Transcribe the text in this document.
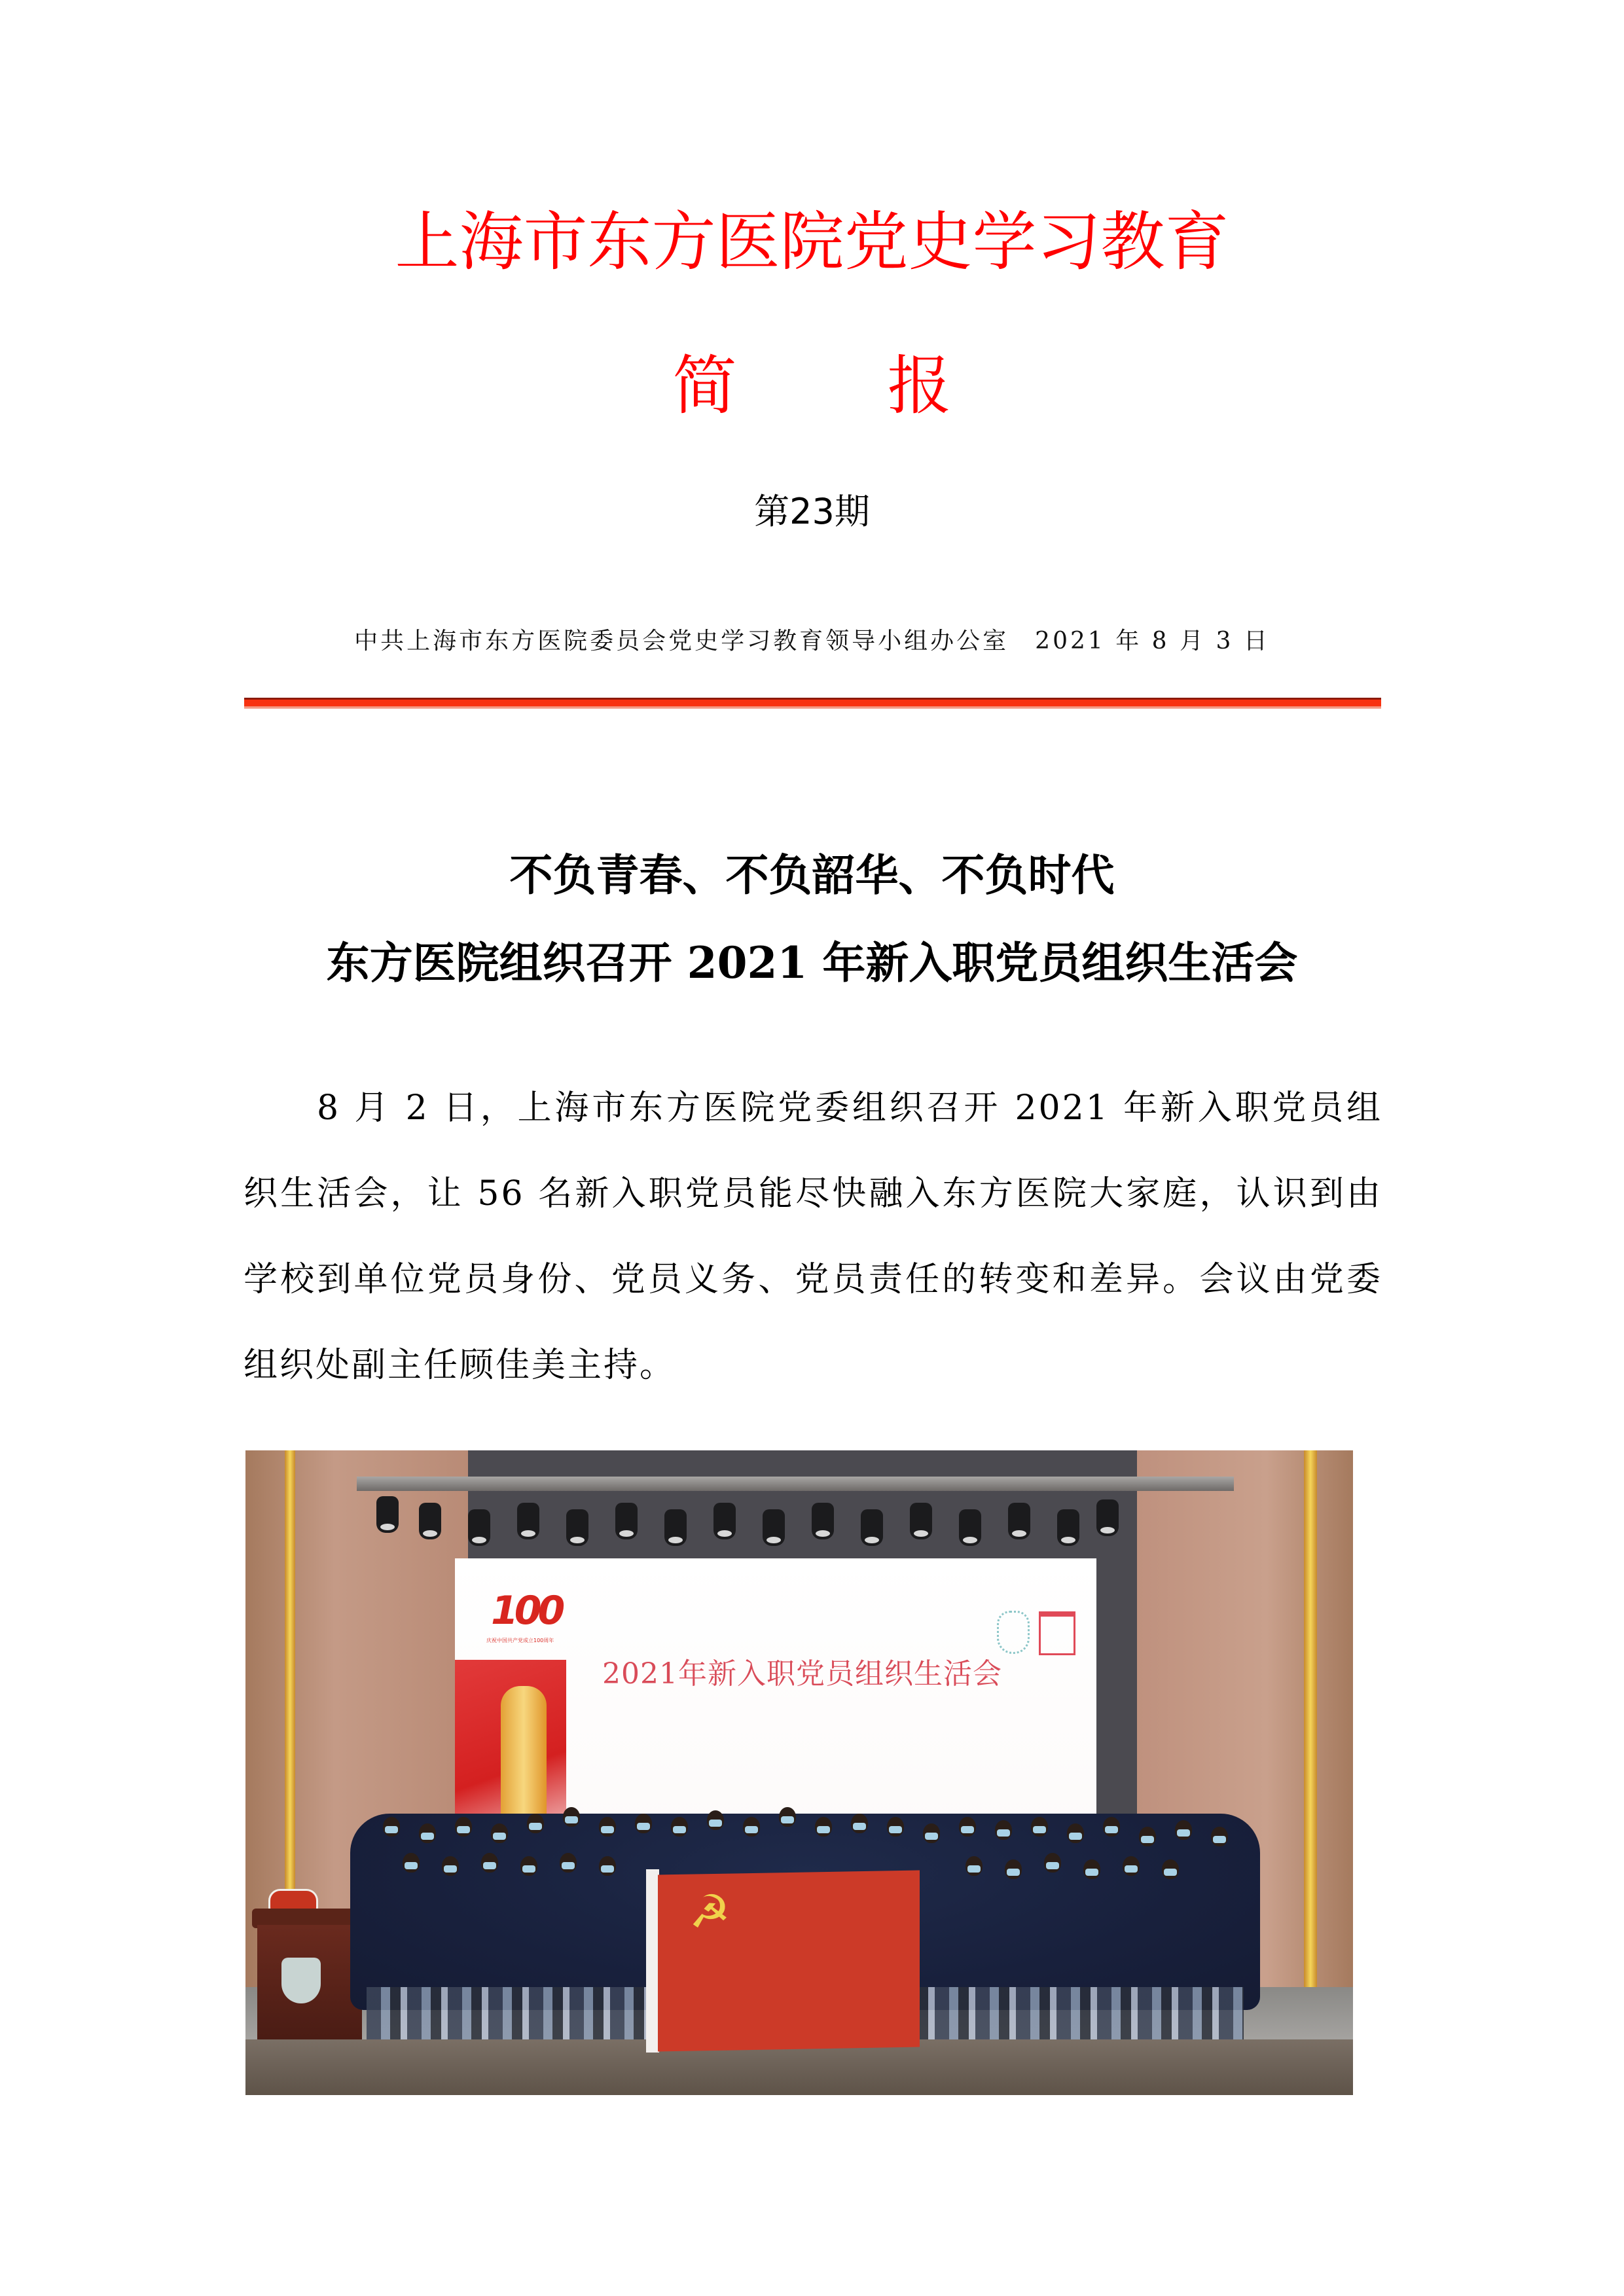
上海市东方医院党史学习教育
简 报
第23期
中共上海市东方医院委员会党史学习教育领导小组办公室 2021 年 8 月 3 日
不负青春、不负韶华、不负时代
东方医院组织召开 2021 年新入职党员组织生活会
8 月 2 日，上海市东方医院党委组织召开 2021 年新入职党员组织生活会，让 56 名新入职党员能尽快融入东方医院大家庭，认识到由学校到单位党员身份、党员义务、党员责任的转变和差异。会议由党委组织处副主任顾佳美主持。
100
庆祝中国共产党成立100周年
2021年新入职党员组织生活会
☭
